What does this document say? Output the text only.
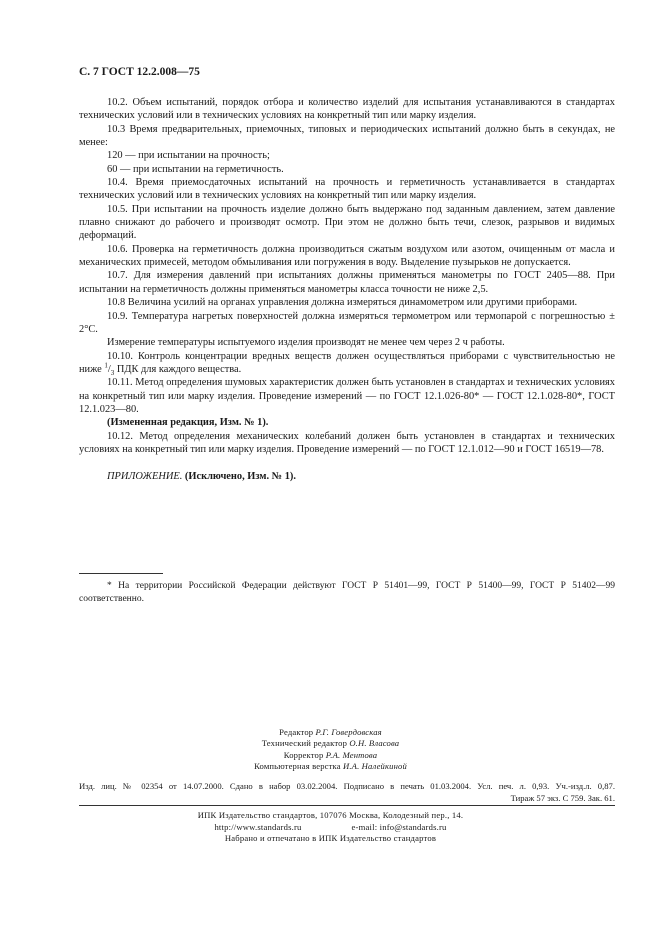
С. 7 ГОСТ 12.2.008—75

10.2. Объем испытаний, порядок отбора и количество изделий для испытания устанавливаются в стандартах технических условий или в технических условиях на конкретный тип или марку изделия.

10.3 Время предварительных, приемочных, типовых и периодических испытаний должно быть в секундах, не менее:

120 — при испытании на прочность;

60 — при испытании на герметичность.

10.4. Время приемосдаточных испытаний на прочность и герметичность устанавливается в стандартах технических условий или в технических условиях на конкретный тип или марку изделия.

10.5. При испытании на прочность изделие должно быть выдержано под заданным давлением, затем давление плавно снижают до рабочего и производят осмотр. При этом не должно быть течи, слезок, разрывов и видимых деформаций.

10.6. Проверка на герметичность должна производиться сжатым воздухом или азотом, очищенным от масла и механических примесей, методом обмыливания или погружения в воду. Выделение пузырьков не допускается.

10.7. Для измерения давлений при испытаниях должны применяться манометры по ГОСТ 2405—88. При испытании на герметичность должны применяться манометры класса точности не ниже 2,5.

10.8 Величина усилий на органах управления должна измеряться динамометром или другими приборами.

10.9. Температура нагретых поверхностей должна измеряться термометром или термопарой с погрешностью ± 2°С.

Измерение температуры испытуемого изделия производят не менее чем через 2 ч работы.

10.10. Контроль концентрации вредных веществ должен осуществляться приборами с чувствительностью не ниже $^1/_3$ ПДК для каждого вещества.

10.11. Метод определения шумовых характеристик должен быть установлен в стандартах и технических условиях на конкретный тип или марку изделия. Проведение измерений — по ГОСТ 12.1.026-80* — ГОСТ 12.1.028-80*, ГОСТ 12.1.023—80.

(Измененная редакция, Изм. № 1).

10.12. Метод определения механических колебаний должен быть установлен в стандартах и технических условиях на конкретный тип или марку изделия. Проведение измерений — по ГОСТ 12.1.012—90 и ГОСТ 16519—78.

ПРИЛОЖЕНИЕ. (Исключено, Изм. № 1).

* На территории Российской Федерации действуют ГОСТ Р 51401—99, ГОСТ Р 51400—99, ГОСТ Р 51402—99 соответственно.

Редактор Р.Г. Говердовская
Технический редактор О.Н. Власова
Корректор Р.А. Ментова
Компьютерная верстка И.А. Налейкиной
Изд. лиц. № 02354 от 14.07.2000. Сдано в набор 03.02.2004. Подписано в печать 01.03.2004. Усл. печ. л. 0,93. Уч.-изд.л. 0,87.
Тираж 57 экз. С 759. Зак. 61.
ИПК Издательство стандартов, 107076 Москва, Колодезный пер., 14.
http://www.standards.ru	e-mail: info@standards.ru
Набрано и отпечатано в ИПК Издательство стандартов
